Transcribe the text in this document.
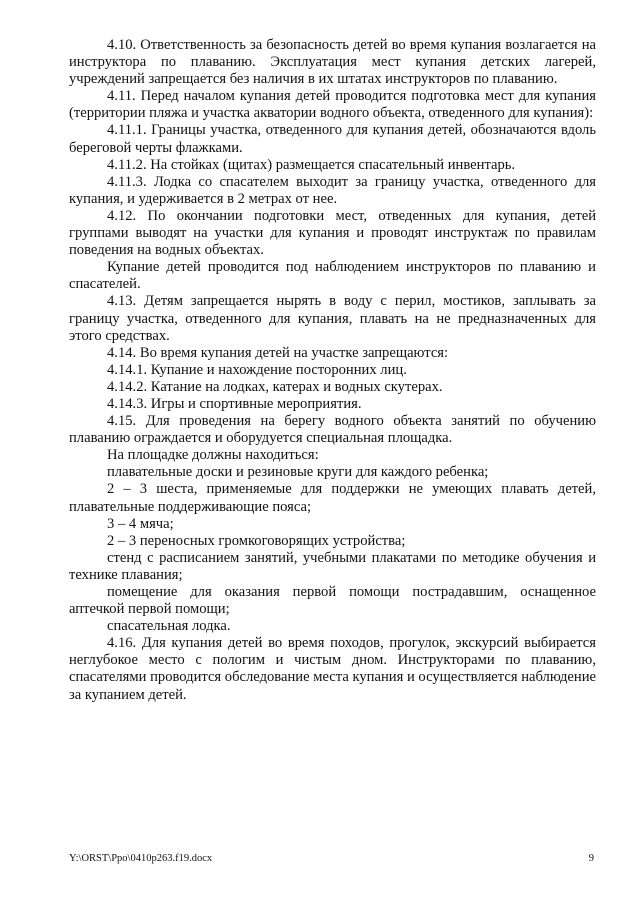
4.10. Ответственность за безопасность детей во время купания возлагается на инструктора по плаванию. Эксплуатация мест купания детских лагерей, учреждений запрещается без наличия в их штатах инструкторов по плаванию.

4.11. Перед началом купания детей проводится подготовка мест для купания (территории пляжа и участка акватории водного объекта, отведенного для купания):

4.11.1. Границы участка, отведенного для купания детей, обозначаются вдоль береговой черты флажками.

4.11.2. На стойках (щитах) размещается спасательный инвентарь.

4.11.3. Лодка со спасателем выходит за границу участка, отведенного для купания, и удерживается в 2 метрах от нее.

4.12. По окончании подготовки мест, отведенных для купания, детей группами выводят на участки для купания и проводят инструктаж по правилам поведения на водных объектах.

Купание детей проводится под наблюдением инструкторов по плаванию и спасателей.

4.13. Детям запрещается нырять в воду с перил, мостиков, заплывать за границу участка, отведенного для купания, плавать на не предназначенных для этого средствах.

4.14. Во время купания детей на участке запрещаются:

4.14.1. Купание и нахождение посторонних лиц.

4.14.2. Катание на лодках, катерах и водных скутерах.

4.14.3. Игры и спортивные мероприятия.

4.15. Для проведения на берегу водного объекта занятий по обучению плаванию ограждается и оборудуется специальная площадка.

На площадке должны находиться:

плавательные доски и резиновые круги для каждого ребенка;

2 – 3 шеста, применяемые для поддержки не умеющих плавать детей, плавательные поддерживающие пояса;

3 – 4 мяча;

2 – 3 переносных громкоговорящих устройства;

стенд с расписанием занятий, учебными плакатами по методике обучения и технике плавания;

помещение для оказания первой помощи пострадавшим, оснащенное аптечкой первой помощи;

спасательная лодка.

4.16. Для купания детей во время походов, прогулок, экскурсий выбирается неглубокое место с пологим и чистым дном. Инструкторами по плаванию, спасателями проводится обследование места купания и осуществляется наблюдение за купанием детей.

Y:\ORST\Ppo\0410p263.f19.docx	9
